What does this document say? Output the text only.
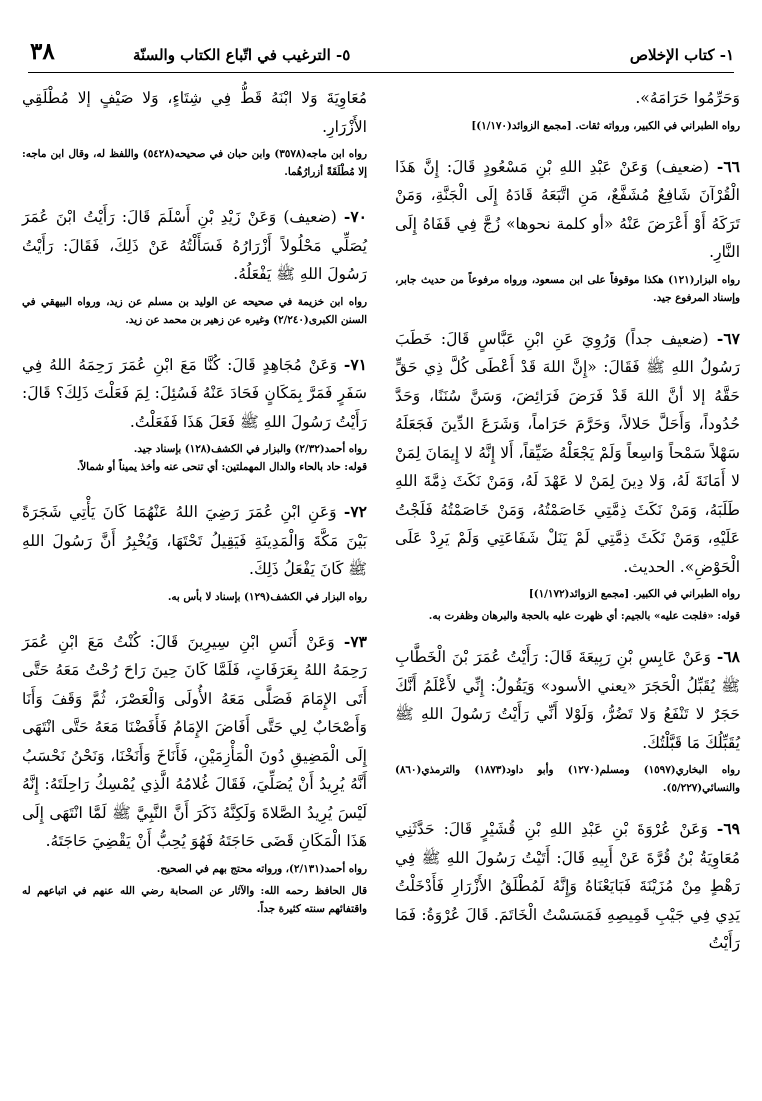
١- كتاب الإخلاص
٥- الترغيب في اتّباع الكتاب والسنّة
٣٨

وَحَرِّمُوا حَرَامَهُ».

رواه الطبراني في الكبير، ورواته ثقات. [مجمع الزوائد(١/١٧٠)]

٦٦- (ضعيف) وَعَنْ عَبْدِ اللهِ بْنِ مَسْعُودٍ قَالَ: إِنَّ هَذَا الْقُرْآنَ شَافِعٌ مُشَفَّعٌ، مَنِ اتَّبَعَهُ قَادَهُ إِلَى الْجَنَّةِ، وَمَنْ تَرَكَهُ أَوْ أَعْرَضَ عَنْهُ «أو كلمة نحوها» زُجَّ فِي قَفَاهُ إِلَى النَّارِ.

رواه البزار(١٢١) هكذا موقوفاً على ابن مسعود، ورواه مرفوعاً من حديث جابر، وإسناد المرفوع جيد.

٦٧- (ضعيف جداً) وَرُوِيَ عَنِ ابْنِ عَبَّاسٍ قَالَ: خَطَبَ رَسُولُ اللهِ ﷺ فَقَالَ: «إِنَّ اللهَ قَدْ أَعْطَى كُلَّ ذِي حَقٍّ حَقَّهُ إلا أنَّ اللهَ قَدْ فَرَضَ فَرَائِضَ، وَسَنَّ سُنَنًا، وَحَدَّ حُدُوداً، وَأَحَلَّ حَلالاً، وَحَرَّمَ حَرَاماً، وَشَرَعَ الدِّينَ فَجَعَلَهُ سَهْلاً سَمْحاً وَاسِعاً وَلَمْ يَجْعَلْهُ ضَيِّقاً، أَلا إِنَّهُ لا إِيمَانَ لِمَنْ لا أَمَانَةَ لَهُ، وَلا دِينَ لِمَنْ لا عَهْدَ لَهُ، وَمَنْ نَكَثَ ذِمَّةَ اللهِ طَلَبَهُ، وَمَنْ نَكَثَ ذِمَّتِي خَاصَمْتُهُ، وَمَنْ خَاصَمْتُهُ فَلَجْتُ عَلَيْهِ، وَمَنْ نَكَثَ ذِمَّتِي لَمْ يَنَلْ شَفَاعَتِي وَلَمْ يَرِدْ عَلَى الْحَوْضِ». الحديث.

رواه الطبراني في الكبير. [مجمع الزوائد(١/١٧٢)]

قوله: «فلجت عليه» بالجيم: أي ظهرت عليه بالحجة والبرهان وظفرت به.

٦٨- وَعَنْ عَابِسِ بْنِ رَبِيعَةَ قَالَ: رَأَيْتُ عُمَرَ بْنَ الْخَطَّابِ ﷺ يُقَبِّلُ الْحَجَرَ «يعني الأسود» وَيَقُولُ: إِنِّي لأَعْلَمُ أَنَّكَ حَجَرٌ لا تَنْفَعُ وَلا تَضُرُّ، وَلَوْلا أَنِّي رَأَيْتُ رَسُولَ اللهِ ﷺ يُقَبِّلُكَ مَا قَبَّلْتُكَ.

رواه البخاري(١٥٩٧) ومسلم(١٢٧٠) وأبو داود(١٨٧٣) والترمذي(٨٦٠) والنسائي(٥/٢٢٧).

٦٩- وَعَنْ عُرْوَةَ بْنِ عَبْدِ اللهِ بْنِ قُشَيْرٍ قَالَ: حَدَّثَنِي مُعَاوِيَةُ بْنُ قُرَّةَ عَنْ أَبِيهِ قَالَ: أَتَيْتُ رَسُولَ اللهِ ﷺ فِي رَهْطٍ مِنْ مُزَيْنَةَ فَبَايَعْنَاهُ وَإِنَّهُ لَمُطْلَقُ الأَزْرَارِ فَأَدْخَلْتُ يَدِي فِي جَيْبِ قَمِيصِهِ فَمَسَسْتُ الْخَاتَمَ. قَالَ عُرْوَةُ: فَمَا رَأَيْتُ

مُعَاوِيَةَ وَلا ابْنَهُ قَطُّ فِي شِتَاءٍ، وَلا صَيْفٍ إلا مُطْلَقِي الأَزْرَارِ.

رواه ابن ماجه(٣٥٧٨) وابن حبان في صحيحه(٥٤٢٨) واللفظ له، وقال ابن ماجه: إلا مُطْلَقَةً أزرارُهُما.

٧٠- (ضعيف) وَعَنْ زَيْدِ بْنِ أَسْلَمَ قَالَ: رَأَيْتُ ابْنَ عُمَرَ يُصَلِّي مَحْلُولاً أَزْرَارُهُ فَسَأَلْتُهُ عَنْ ذَلِكَ، فَقَالَ: رَأَيْتُ رَسُولَ اللهِ ﷺ يَفْعَلُهُ.

رواه ابن خزيمة في صحيحه عن الوليد بن مسلم عن زيد، ورواه البيهقي في السنن الكبرى(٢/٢٤٠) وغيره عن زهير بن محمد عن زيد.

٧١- وَعَنْ مُجَاهِدٍ قَالَ: كُنَّا مَعَ ابْنِ عُمَرَ رَحِمَهُ اللهُ فِي سَفَرٍ فَمَرَّ بِمَكَانٍ فَحَادَ عَنْهُ فَسُئِلَ: لِمَ فَعَلْتَ ذَلِكَ؟ قَالَ: رَأَيْتُ رَسُولَ اللهِ ﷺ فَعَلَ هَذَا فَفَعَلْتُ.

رواه أحمد(٢/٣٢) والبزار في الكشف(١٢٨) بإسناد جيد.

قوله: حاد بالحاء والدال المهملتين: أي تنحى عنه وأخذ يميناً أو شمالاً.

٧٢- وَعَنِ ابْنِ عُمَرَ رَضِيَ اللهُ عَنْهُمَا كَانَ يَأْتِي شَجَرَةً بَيْنَ مَكَّةَ وَالْمَدِينَةِ فَيَقِيلُ تَحْتَهَا، وَيُخْبِرُ أَنَّ رَسُولَ اللهِ ﷺ كَانَ يَفْعَلُ ذَلِكَ.

رواه البزار في الكشف(١٢٩) بإسناد لا بأس به.

٧٣- وَعَنْ أَنَسِ ابْنِ سِيرِينَ قَالَ: كُنْتُ مَعَ ابْنِ عُمَرَ رَحِمَهُ اللهُ بِعَرَفَاتٍ، فَلَمَّا كَانَ حِينَ رَاحَ رُحْتُ مَعَهُ حَتَّى أَتَى الإِمَامَ فَصَلَّى مَعَهُ الأُولَى وَالْعَصْرَ، ثُمَّ وَقَفَ وَأَنَا وَأَصْحَابٌ لِي حَتَّى أَفَاضَ الإِمَامُ فَأَفَضْنَا مَعَهُ حَتَّى انْتَهَى إِلَى الْمَضِيقِ دُونَ الْمَأْزِمَيْنِ، فَأَنَاخَ وَأَنَخْنَا، وَنَحْنُ نَحْسَبُ أَنَّهُ يُرِيدُ أَنْ يُصَلِّيَ، فَقَالَ غُلامُهُ الَّذِي يُمْسِكُ رَاحِلَتَهُ: إِنَّهُ لَيْسَ يُرِيدُ الصَّلاةَ وَلَكِنَّهُ ذَكَرَ أَنَّ النَّبِيَّ ﷺ لَمَّا انْتَهَى إِلَى هَذَا الْمَكَانِ قَضَى حَاجَتَهُ فَهُوَ يُحِبُّ أَنْ يَقْضِيَ حَاجَتَهُ.

رواه أحمد(٢/١٣١)، ورواته محتج بهم في الصحيح.

قال الحافظ رحمه الله: والآثار عن الصحابة رضي الله عنهم في اتباعهم له واقتفائهم سنته كثيرة جداً.
